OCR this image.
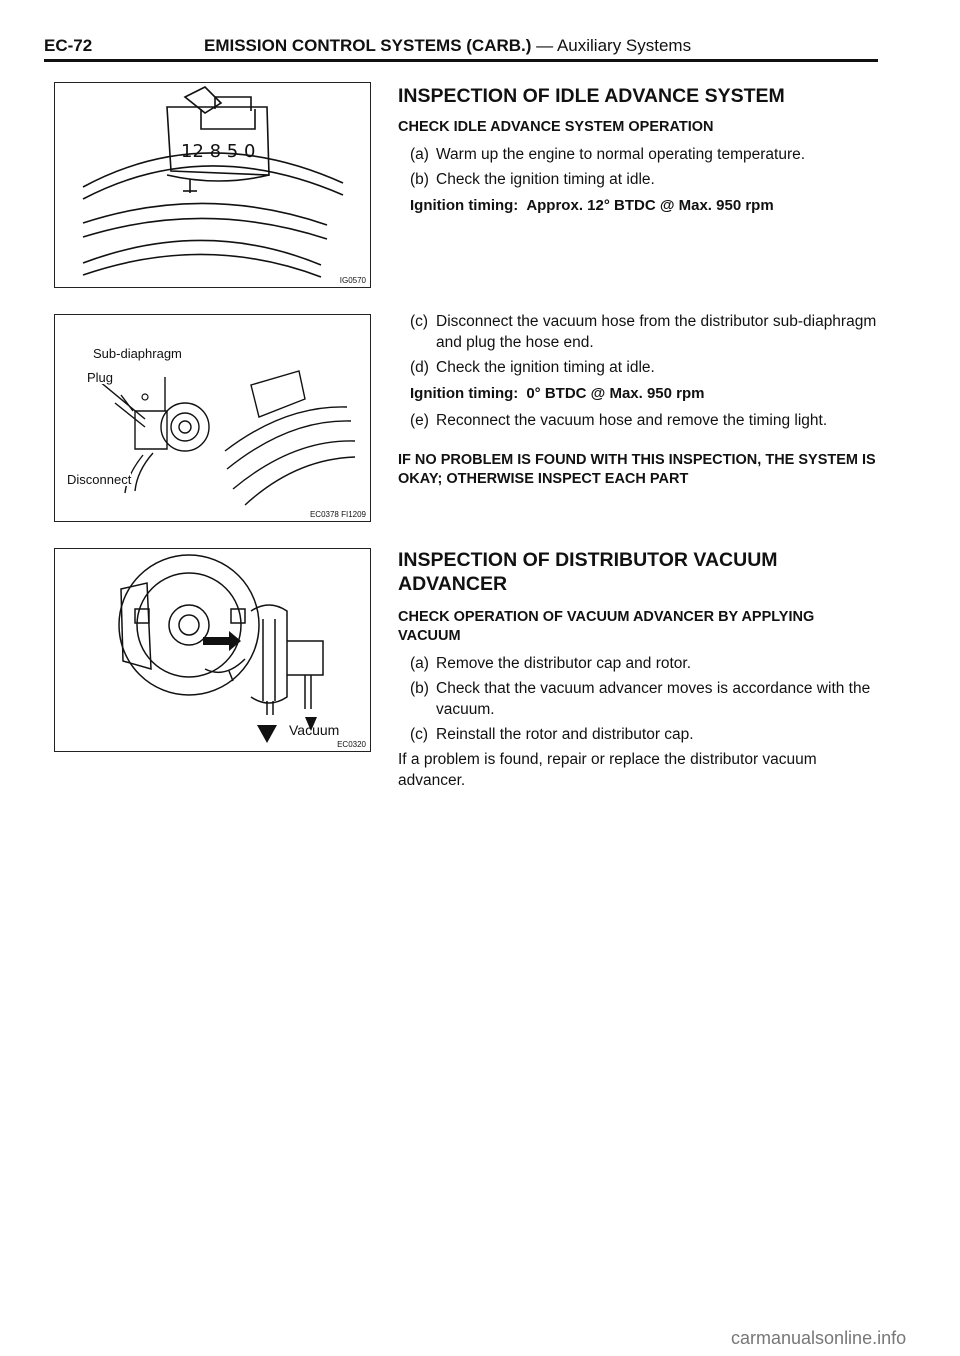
EC-72	EMISSION CONTROL SYSTEMS (CARB.) — Auxiliary Systems
12 8 5 0
IG0570
Sub-diaphragm
Plug
Disconnect
EC0378 FI1209
Vacuum
EC0320
INSPECTION OF IDLE ADVANCE SYSTEM
CHECK IDLE ADVANCE SYSTEM OPERATION
(a) Warm up the engine to normal operating temperature.
(b) Check the ignition timing at idle.
Ignition timing: Approx. 12° BTDC @ Max. 950 rpm
(c) Disconnect the vacuum hose from the distributor sub-diaphragm and plug the hose end.
(d) Check the ignition timing at idle.
Ignition timing: 0° BTDC @ Max. 950 rpm
(e) Reconnect the vacuum hose and remove the timing light.
IF NO PROBLEM IS FOUND WITH THIS INSPECTION, THE SYSTEM IS OKAY; OTHERWISE INSPECT EACH PART
INSPECTION OF DISTRIBUTOR VACUUM ADVANCER
CHECK OPERATION OF VACUUM ADVANCER BY APPLYING VACUUM
(a) Remove the distributor cap and rotor.
(b) Check that the vacuum advancer moves is accordance with the vacuum.
(c) Reinstall the rotor and distributor cap.
If a problem is found, repair or replace the distributor vacuum advancer.
carmanualsonline.info
